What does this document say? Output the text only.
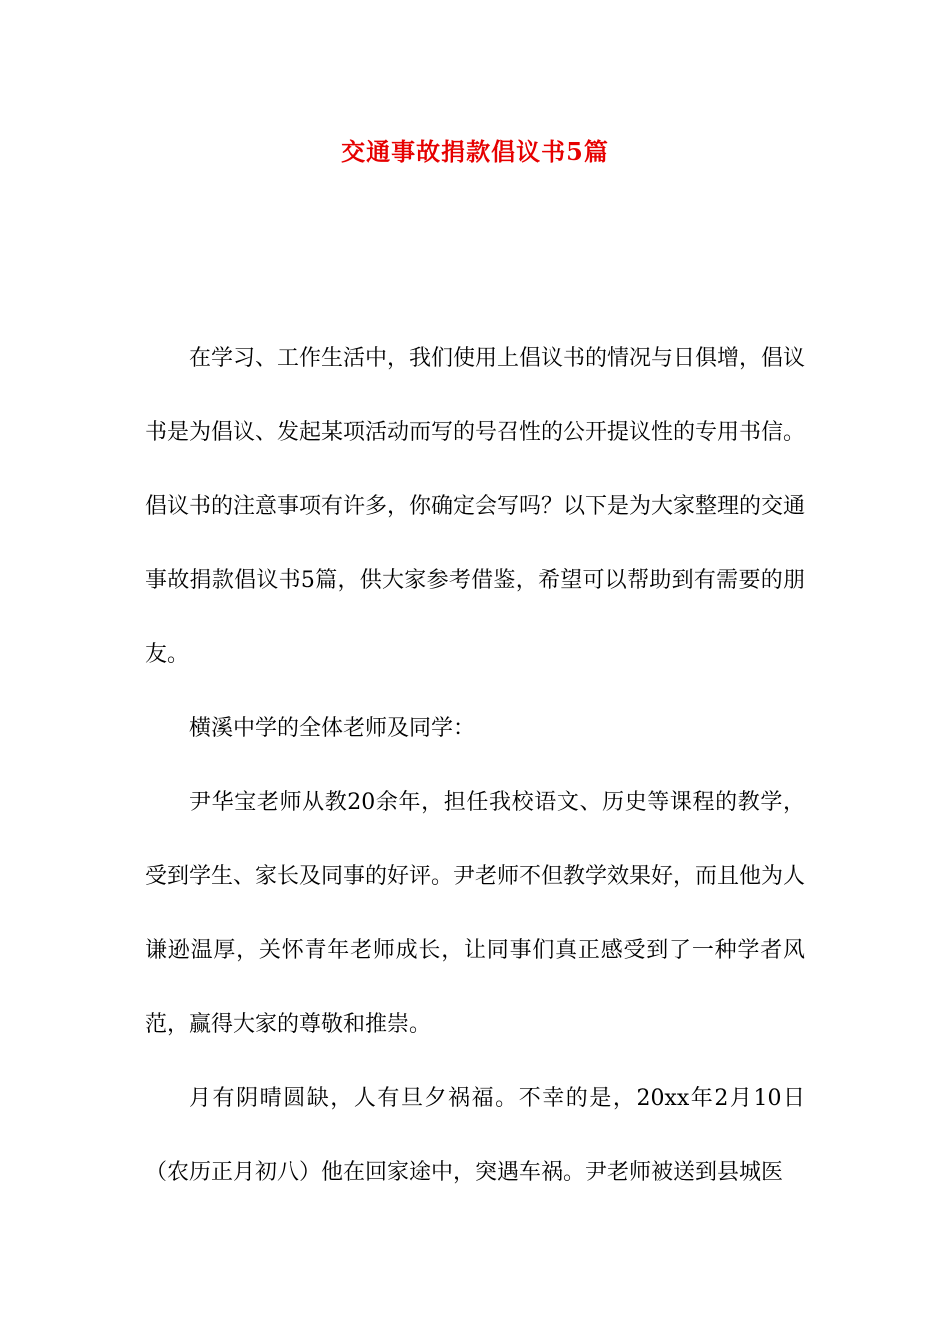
交通事故捐款倡议书5篇

在学习、工作生活中，我们使用上倡议书的情况与日俱增，倡议书是为倡议、发起某项活动而写的号召性的公开提议性的专用书信。倡议书的注意事项有许多，你确定会写吗？以下是为大家整理的交通事故捐款倡议书5篇，供大家参考借鉴，希望可以帮助到有需要的朋友。

横溪中学的全体老师及同学：

尹华宝老师从教20余年，担任我校语文、历史等课程的教学，受到学生、家长及同事的好评。尹老师不但教学效果好，而且他为人谦逊温厚，关怀青年老师成长，让同事们真正感受到了一种学者风范，赢得大家的尊敬和推崇。

月有阴晴圆缺，人有旦夕祸福。不幸的是，20xx年2月10日（农历正月初八）他在回家途中，突遇车祸。尹老师被送到县城医
